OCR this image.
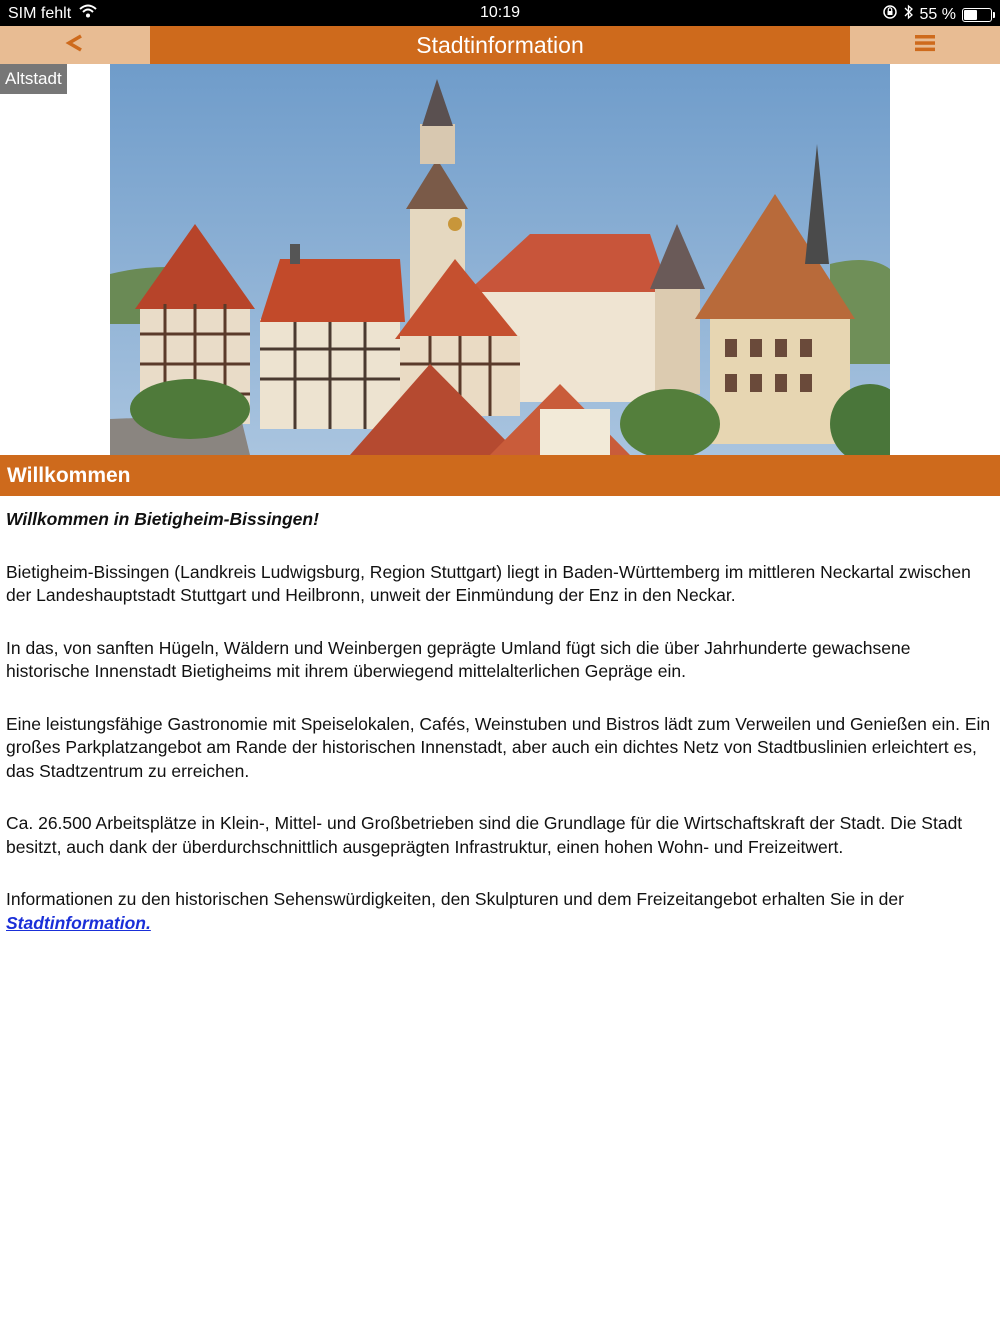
SIM fehlt	10:19	55 %
Stadtinformation
Altstadt
Willkommen

Willkommen in Bietigheim-Bissingen!

Bietigheim-Bissingen (Landkreis Ludwigsburg, Region Stuttgart) liegt in Baden-Württemberg im mittleren Neckartal zwischen der Landeshauptstadt Stuttgart und Heilbronn, unweit der Einmündung der Enz in den Neckar.

In das, von sanften Hügeln, Wäldern und Weinbergen geprägte Umland fügt sich die über Jahrhunderte gewachsene historische Innenstadt Bietigheims mit ihrem überwiegend mittelalterlichen Gepräge ein.

Eine leistungsfähige Gastronomie mit Speiselokalen, Cafés, Weinstuben und Bistros lädt zum Verweilen und Genießen ein. Ein großes Parkplatzangebot am Rande der historischen Innenstadt, aber auch ein dichtes Netz von Stadtbuslinien erleichtert es, das Stadtzentrum zu erreichen.

Ca. 26.500 Arbeitsplätze in Klein-, Mittel- und Großbetrieben sind die Grundlage für die Wirtschaftskraft der Stadt. Die Stadt besitzt, auch dank der überdurchschnittlich ausgeprägten Infrastruktur, einen hohen Wohn- und Freizeitwert.

Informationen zu den historischen Sehenswürdigkeiten, den Skulpturen und dem Freizeitangebot erhalten Sie in der
Stadtinformation.
